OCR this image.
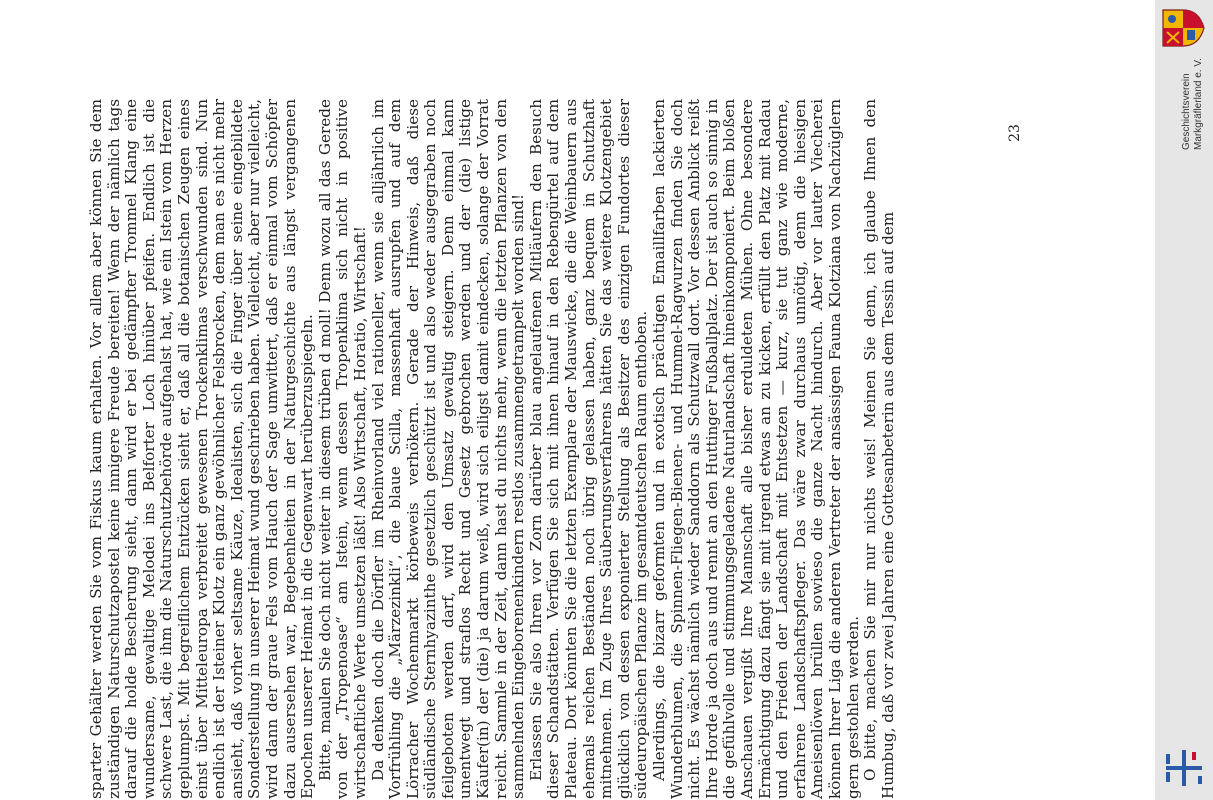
sparter Gehälter werden Sie vom Fiskus kaum erhalten. Vor allem aber können Sie dem zuständigen Naturschutzapostel keine innigere Freude bereiten! Wenn der nämlich tags darauf die holde Bescherung sieht, dann wird er bei gedämpfter Trommel Klang eine wundersame, gewaltige Melodei ins Belforter Loch hinüber pfeifen. Endlich ist die schwere Last, die ihm die Naturschutzbehörde aufgehalst hat, wie ein Istein vom Herzen geplumpst. Mit begreiflichem Entzücken sieht er, daß all die botanischen Zeugen eines einst über Mitteleuropa verbreitet gewesenen Trockenklimas verschwunden sind. Nun endlich ist der Isteiner Klotz ein ganz gewöhnlicher Felsbrocken, dem man es nicht mehr ansieht, daß vorher seltsame Käuze, Idealisten, sich die Finger über seine eingebildete Sonderstellung in unserer Heimat wund geschrieben haben. Vielleicht, aber nur vielleicht, wird dann der graue Fels vom Hauch der Sage umwittert, daß er einmal vom Schöpfer dazu ausersehen war, Begebenheiten in der Naturgeschichte aus längst vergangenen Epochen unserer Heimat in die Gegenwart herüberzuspiegeln. Bitte, maulen Sie doch nicht weiter in diesem trüben d moll! Denn wozu all das Gerede von der „Tropenoase“ am Istein, wenn dessen Tropenklima sich nicht in positive wirtschaftliche Werte umsetzen läßt! Also Wirtschaft, Horatio, Wirtschaft! Da denken doch die Dörfler im Rheinvorland viel rationeller, wenn sie alljährlich im Vorfrühling die „Märzezinkli“, die blaue Scilla, massenhaft ausrupfen und auf dem Lörracher Wochenmarkt körbeweis verhökern. Gerade der Hinweis, daß diese südländische Sternhyazinthe gesetzlich geschützt ist und also weder ausgegraben noch feilgeboten werden darf, wird den Umsatz gewaltig steigern. Denn einmal kann unentwegt und straflos Recht und Gesetz gebrochen werden und der (die) listige Käufer(in) der (die) ja darum weiß, wird sich eiligst damit eindecken, solange der Vorrat reicht. Sammle in der Zeit, dann hast du nichts mehr, wenn die letzten Pflanzen von den sammelnden Eingeborenenkindern restlos zusammengetrampelt worden sind! Erlassen Sie also Ihren vor Zorn darüber blau angelaufenen Mitläufern den Besuch dieser Schandstätten. Verfügen Sie sich mit ihnen hinauf in den Rebengürtel auf dem Plateau. Dort könnten Sie die letzten Exemplare der Mauswicke, die die Weinbauern aus ehemals reichen Beständen noch übrig gelassen haben, ganz bequem in Schutzhaft mitnehmen. Im Zuge Ihres Säuberungsverfahrens hätten Sie das weitere Klotzengebiet glücklich von dessen exponierter Stellung als Besitzer des einzigen Fundortes dieser südeuropäischen Pflanze im gesamtdeutschen Raum enthoben. Allerdings, die bizarr geformten und in exotisch prächtigen Emaillfarben lackierten Wunderblumen, die Spinnen-Fliegen-Bienen- und Hummel-Ragwurzen finden Sie doch nicht. Es wächst nämlich wieder Sanddorn als Schutzwall dort. Vor dessen Anblick reißt Ihre Horde ja doch aus und rennt an den Huttinger Fußballplatz. Der ist auch so sinnig in die gefühlvolle und stimmungsgeladene Naturlandschaft hineinkomponiert. Beim bloßen Anschauen vergißt Ihre Mannschaft alle bisher erduldeten Mühen. Ohne besondere Ermächtigung dazu fängt sie mit irgend etwas an zu kicken, erfüllt den Platz mit Radau und den Frieden der Landschaft mit Entsetzen — kurz, sie tut ganz wie moderne, erfahrene Landschaftspfleger. Das wäre zwar durchaus unnötig, denn die hiesigen Ameisenlöwen brüllen sowieso die ganze Nacht hindurch. Aber vor lauter Viecherei können Ihrer Liga die anderen Vertreter der ansässigen Fauna Klotziana von Nachzüglern gern gestohlen werden. O bitte, machen Sie mir nur nichts weis! Meinen Sie denn, ich glaube Ihnen den Humbug, daß vor zwei Jahren eine Gottesanbeterin aus dem Tessin auf dem

23	Geschichtsverein Markgräflerland e. V.
